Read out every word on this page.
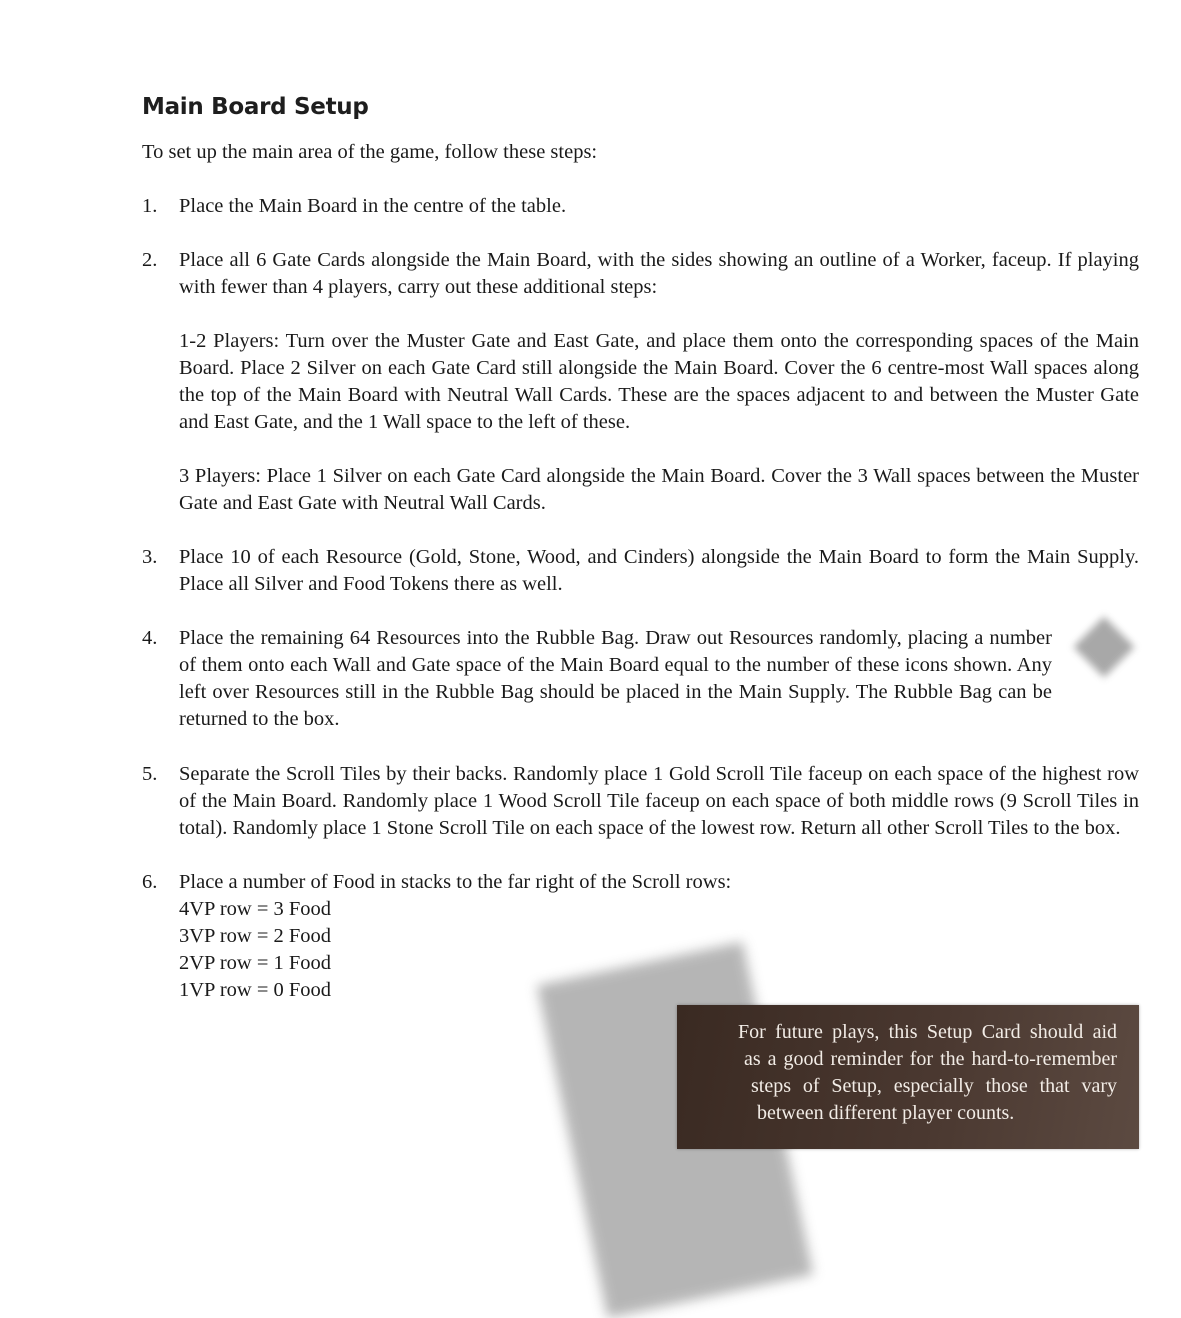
Main Board Setup
To set up the main area of the game, follow these steps:
1.	Place the Main Board in the centre of the table.

2.	Place all 6 Gate Cards alongside the Main Board, with the sides showing an outline of a Worker, faceup. If playing

with fewer than 4 players, carry out these additional steps:

1-2 Players: Turn over the Muster Gate and East Gate, and place them onto the corresponding spaces of the Main
Board. Place 2 Silver on each Gate Card still alongside the Main Board. Cover the 6 centre-most Wall spaces along
the top of the Main Board with Neutral Wall Cards. These are the spaces adjacent to and between the Muster Gate
and East Gate, and the 1 Wall space to the left of these.
3 Players: Place 1 Silver on each Gate Card alongside the Main Board. Cover the 3 Wall spaces between the Muster
Gate and East Gate with Neutral Wall Cards.
3.	Place 10 of each Resource (Gold, Stone, Wood, and Cinders) alongside the Main Board to form the Main Supply.

Place all Silver and Food Tokens there as well.

4.	Place the remaining 64 Resources into the Rubble Bag. Draw out Resources randomly, placing a number

of them onto each Wall and Gate space of the Main Board equal to the number of these icons shown. Any

left over Resources still in the Rubble Bag should be placed in the Main Supply. The Rubble Bag can be

returned to the box.

5.	Separate the Scroll Tiles by their backs. Randomly place 1 Gold Scroll Tile faceup on each space of the highest row

of the Main Board. Randomly place 1 Wood Scroll Tile faceup on each space of both middle rows (9 Scroll Tiles in

total). Randomly place 1 Stone Scroll Tile on each space of the lowest row. Return all other Scroll Tiles to the box.

6.	Place a number of Food in stacks to the far right of the Scroll rows:

4VP row = 3 Food
3VP row = 2 Food
2VP row = 1 Food
1VP row = 0 Food
For future plays, this Setup Card should aid
as a good reminder for the hard-to-remember
steps of Setup, especially those that vary
between different player counts.
